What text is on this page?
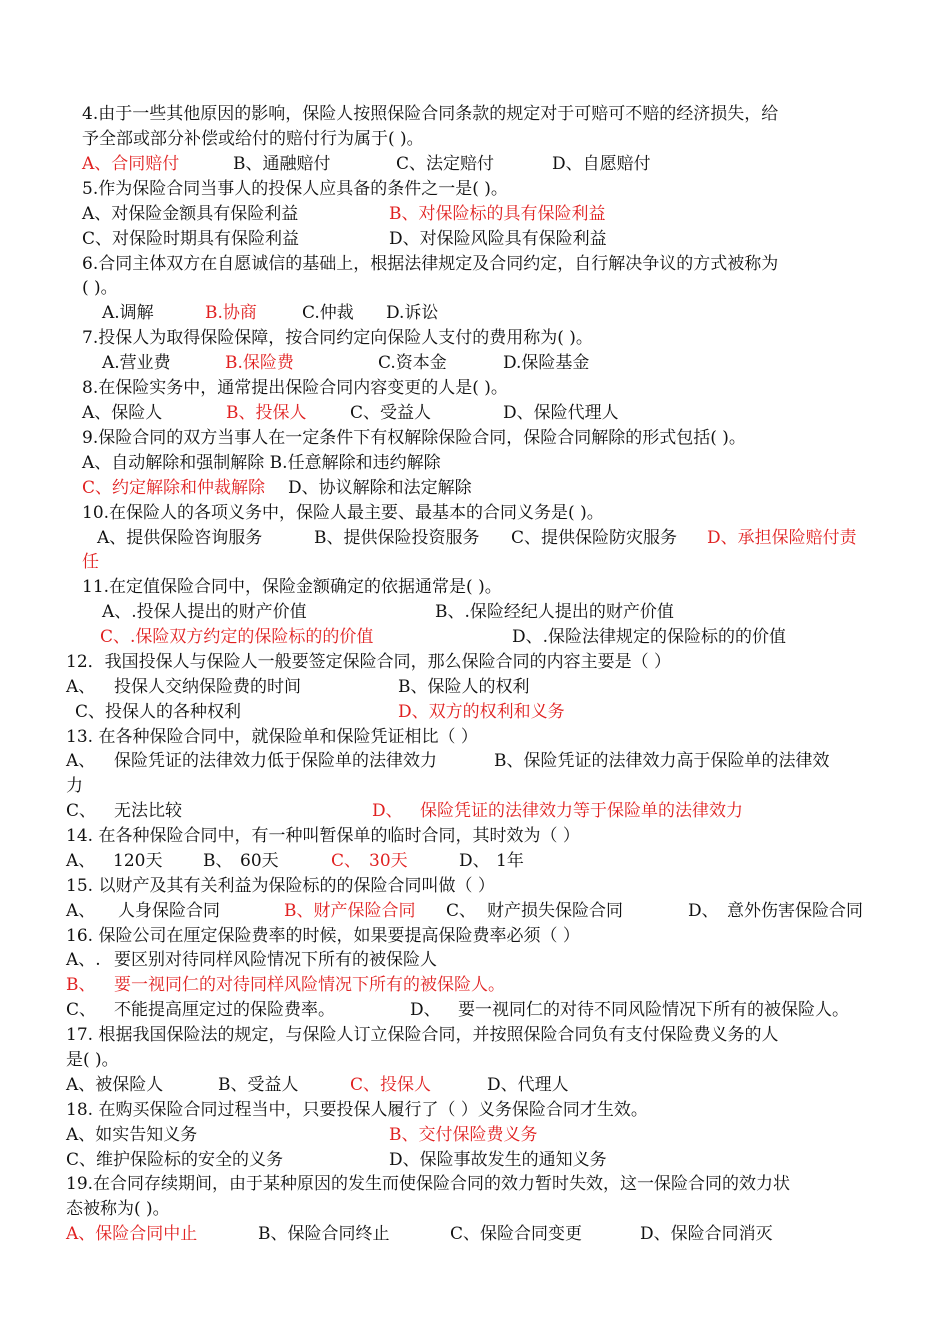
4.由于一些其他原因的影响，保险人按照保险合同条款的规定对于可赔可不赔的经济损失，给
予全部或部分补偿或给付的赔付行为属于( )。
A、合同赔付	B、通融赔付	C、法定赔付	D、自愿赔付
5.作为保险合同当事人的投保人应具备的条件之一是( )。
A、对保险金额具有保险利益	B、对保险标的具有保险利益
C、对保险时期具有保险利益	D、对保险风险具有保险利益
6.合同主体双方在自愿诚信的基础上，根据法律规定及合同约定，自行解决争议的方式被称为
( )。
A.调解	B.协商	C.仲裁 D.诉讼
7.投保人为取得保险保障，按合同约定向保险人支付的费用称为( )。
A.营业费	B.保险费	C.资本金	D.保险基金
8.在保险实务中，通常提出保险合同内容变更的人是( )。
A、保险人	B、投保人	C、受益人	D、保险代理人
9.保险合同的双方当事人在一定条件下有权解除保险合同，保险合同解除的形式包括( )。
A、自动解除和强制解除 B.任意解除和违约解除
C、约定解除和仲裁解除 D、协议解除和法定解除
10.在保险人的各项义务中，保险人最主要、最基本的合同义务是( )。
A、提供保险咨询服务	B、提供保险投资服务 C、提供保险防灾服务 D、承担保险赔付责
任
11.在定值保险合同中，保险金额确定的依据通常是( )。
A、.投保人提出的财产价值	B、.保险经纪人提出的财产价值
C、.保险双方约定的保险标的的价值	D、.保险法律规定的保险标的的价值
12．我国投保人与保险人一般要签定保险合同，那么保险合同的内容主要是（ ）
A、 投保人交纳保险费的时间	B、保险人的权利
C、投保人的各种权利	D、双方的权利和义务
13. 在各种保险合同中，就保险单和保险凭证相比（ ）
A、 保险凭证的法律效力低于保险单的法律效力	B、保险凭证的法律效力高于保险单的法律效
力
C、 无法比较	D、 保险凭证的法律效力等于保险单的法律效力
14. 在各种保险合同中，有一种叫暂保单的临时合同，其时效为（ ）
A、 120天 B、 60天	C、 30天	D、 1年
15. 以财产及其有关利益为保险标的的保险合同叫做（ ）
A、 人身保险合同	B、财产保险合同 C、 财产损失保险合同	D、 意外伤害保险合同
16. 保险公司在厘定保险费率的时候，如果要提高保险费率必须（ ）
A、. 要区别对待同样风险情况下所有的被保险人
B、 要一视同仁的对待同样风险情况下所有的被保险人。
C、 不能提高厘定过的保险费率。	D、 要一视同仁的对待不同风险情况下所有的被保险人。
17. 根据我国保险法的规定，与保险人订立保险合同，并按照保险合同负有支付保险费义务的人
是( )。
A、被保险人	B、受益人	C、投保人	D、代理人
18. 在购买保险合同过程当中，只要投保人履行了（ ）义务保险合同才生效。
A、如实告知义务	B、交付保险费义务
C、维护保险标的安全的义务	D、保险事故发生的通知义务
19.在合同存续期间，由于某种原因的发生而使保险合同的效力暂时失效，这一保险合同的效力状
态被称为( )。
A、保险合同中止	B、保险合同终止	C、保险合同变更	D、保险合同消灭
